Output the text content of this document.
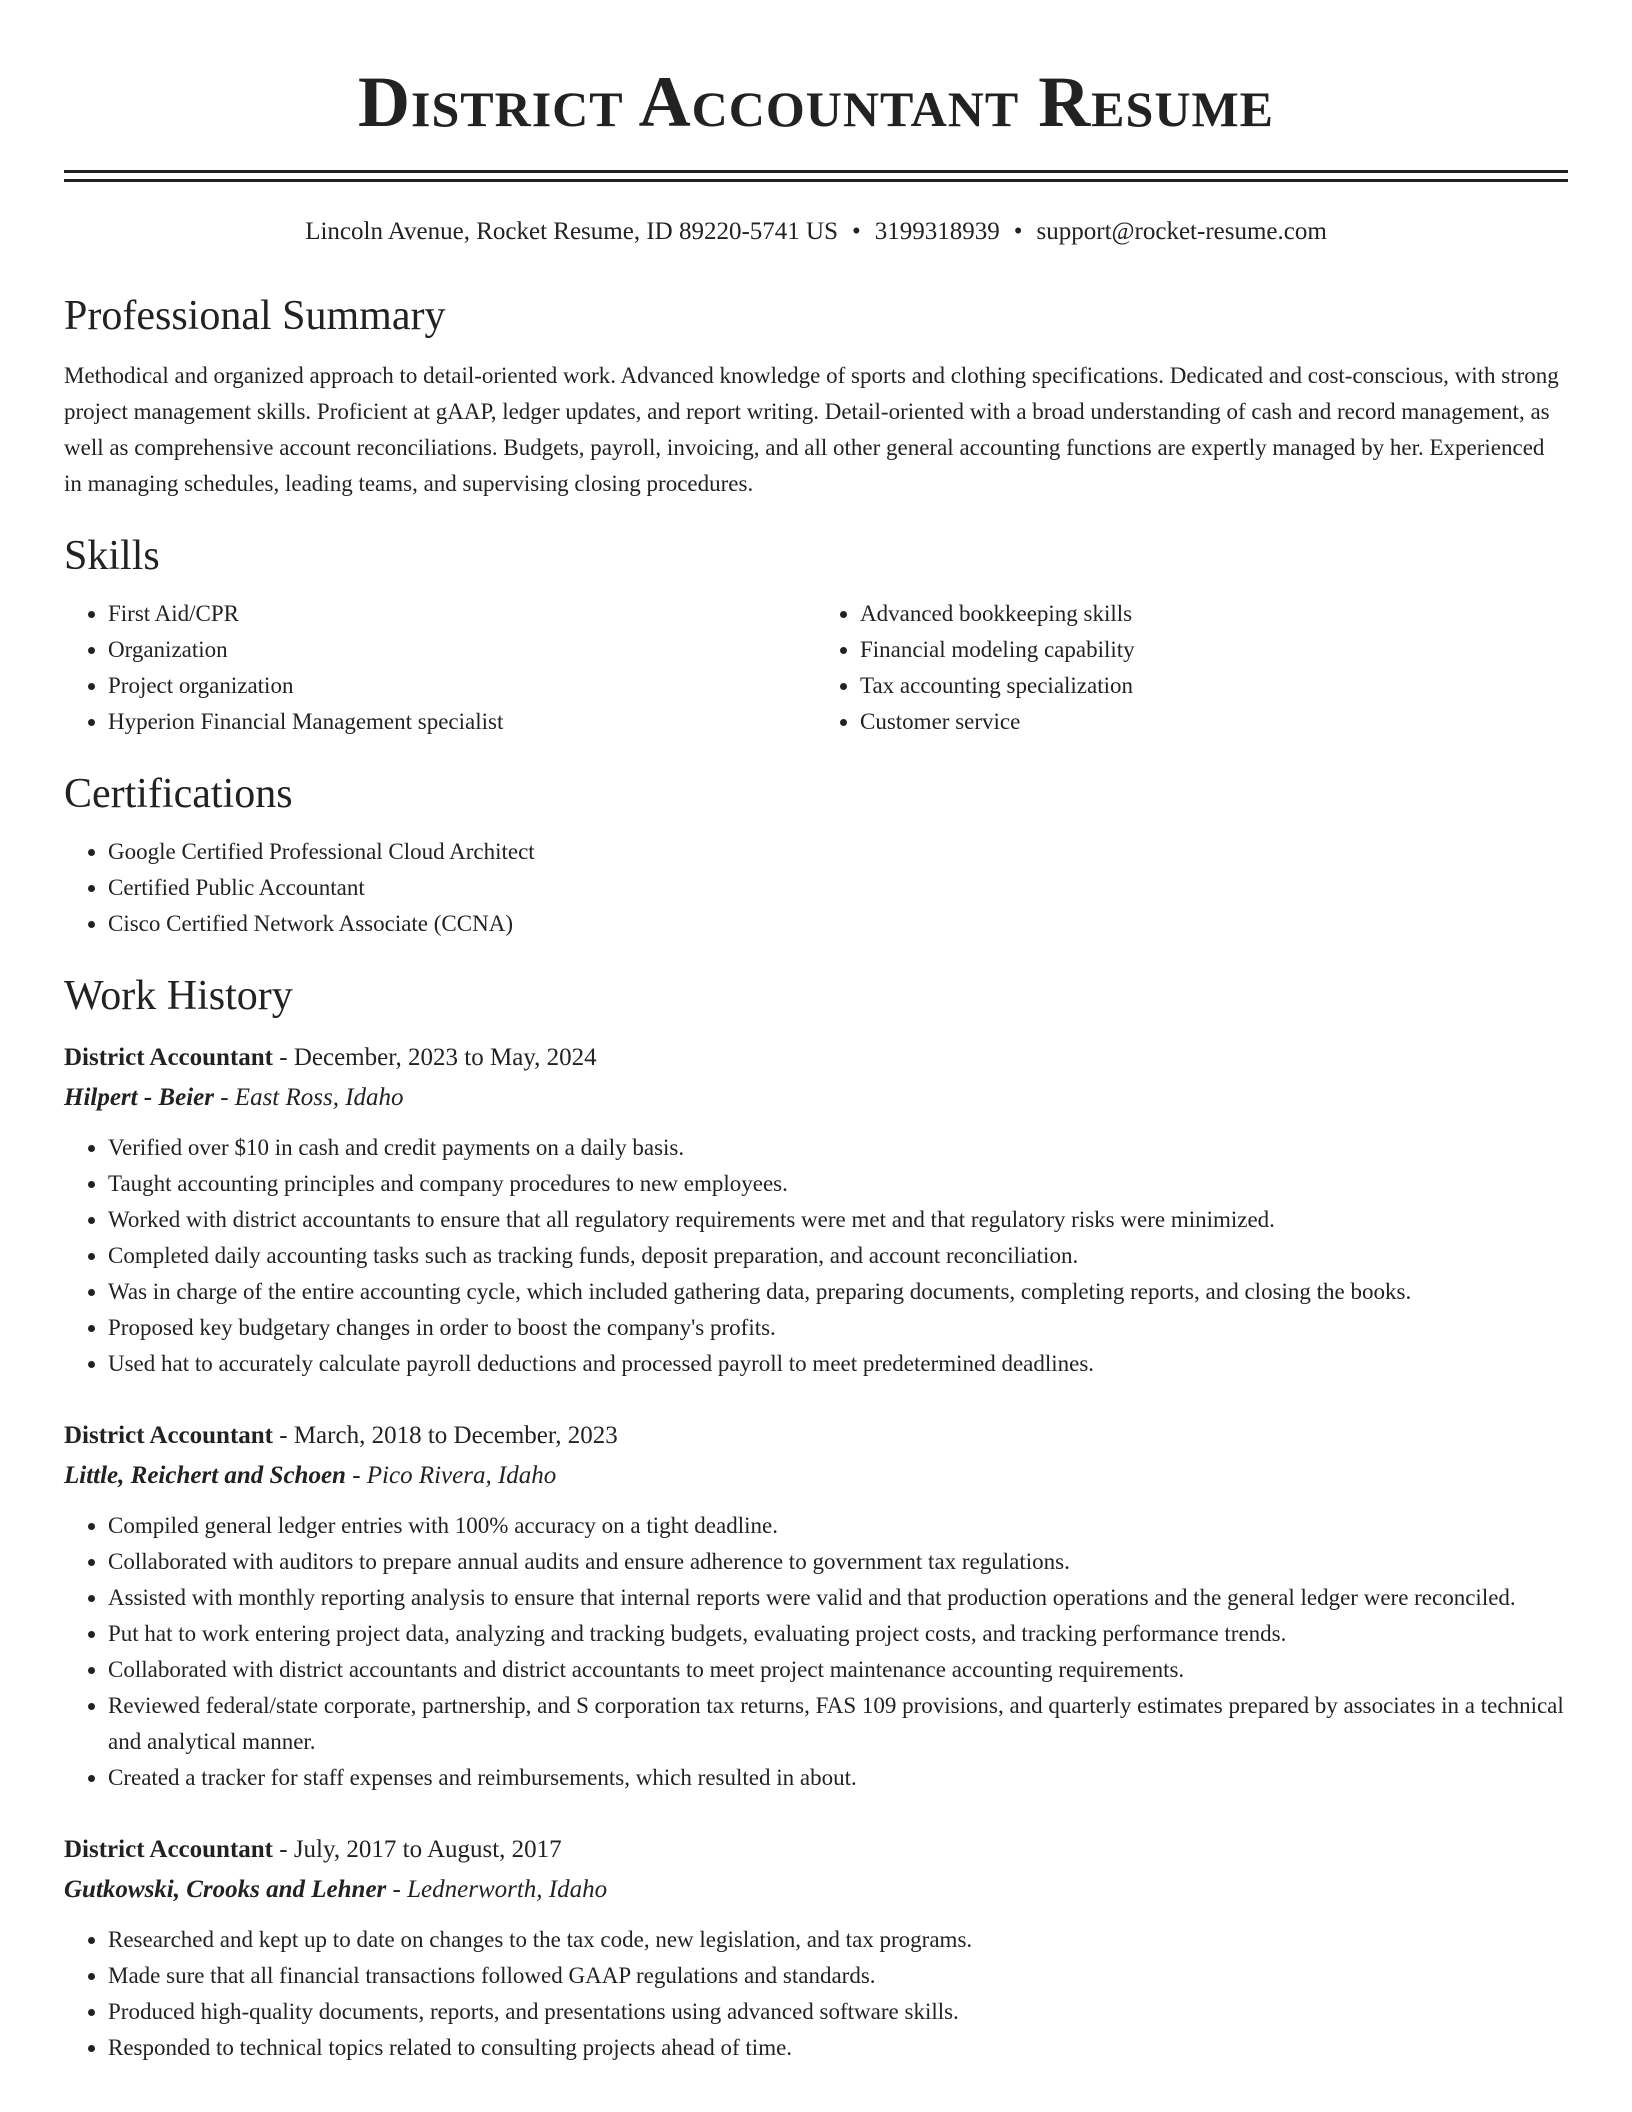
District Accountant Resume
Lincoln Avenue, Rocket Resume, ID 89220-5741 US • 3199318939 • support@rocket-resume.com
Professional Summary

Methodical and organized approach to detail-oriented work. Advanced knowledge of sports and clothing specifications. Dedicated and cost-conscious, with strong project management skills. Proficient at gAAP, ledger updates, and report writing. Detail-oriented with a broad understanding of cash and record management, as well as comprehensive account reconciliations. Budgets, payroll, invoicing, and all other general accounting functions are expertly managed by her. Experienced in managing schedules, leading teams, and supervising closing procedures.

Skills
• First Aid/CPR
• Organization
• Project organization
• Hyperion Financial Management specialist
• Advanced bookkeeping skills
• Financial modeling capability
• Tax accounting specialization
• Customer service
Certifications
• Google Certified Professional Cloud Architect
• Certified Public Accountant
• Cisco Certified Network Associate (CCNA)
Work History
District Accountant - December, 2023 to May, 2024
Hilpert - Beier - East Ross, Idaho
• Verified over $10 in cash and credit payments on a daily basis.
• Taught accounting principles and company procedures to new employees.
• Worked with district accountants to ensure that all regulatory requirements were met and that regulatory risks were minimized.
• Completed daily accounting tasks such as tracking funds, deposit preparation, and account reconciliation.
• Was in charge of the entire accounting cycle, which included gathering data, preparing documents, completing reports, and closing the books.
• Proposed key budgetary changes in order to boost the company's profits.
• Used hat to accurately calculate payroll deductions and processed payroll to meet predetermined deadlines.
District Accountant - March, 2018 to December, 2023
Little, Reichert and Schoen - Pico Rivera, Idaho
• Compiled general ledger entries with 100% accuracy on a tight deadline.
• Collaborated with auditors to prepare annual audits and ensure adherence to government tax regulations.
• Assisted with monthly reporting analysis to ensure that internal reports were valid and that production operations and the general ledger were reconciled.
• Put hat to work entering project data, analyzing and tracking budgets, evaluating project costs, and tracking performance trends.
• Collaborated with district accountants and district accountants to meet project maintenance accounting requirements.
• Reviewed federal/state corporate, partnership, and S corporation tax returns, FAS 109 provisions, and quarterly estimates prepared by associates in a technical and analytical manner.
• Created a tracker for staff expenses and reimbursements, which resulted in about.
District Accountant - July, 2017 to August, 2017
Gutkowski, Crooks and Lehner - Lednerworth, Idaho
• Researched and kept up to date on changes to the tax code, new legislation, and tax programs.
• Made sure that all financial transactions followed GAAP regulations and standards.
• Produced high-quality documents, reports, and presentations using advanced software skills.
• Responded to technical topics related to consulting projects ahead of time.
